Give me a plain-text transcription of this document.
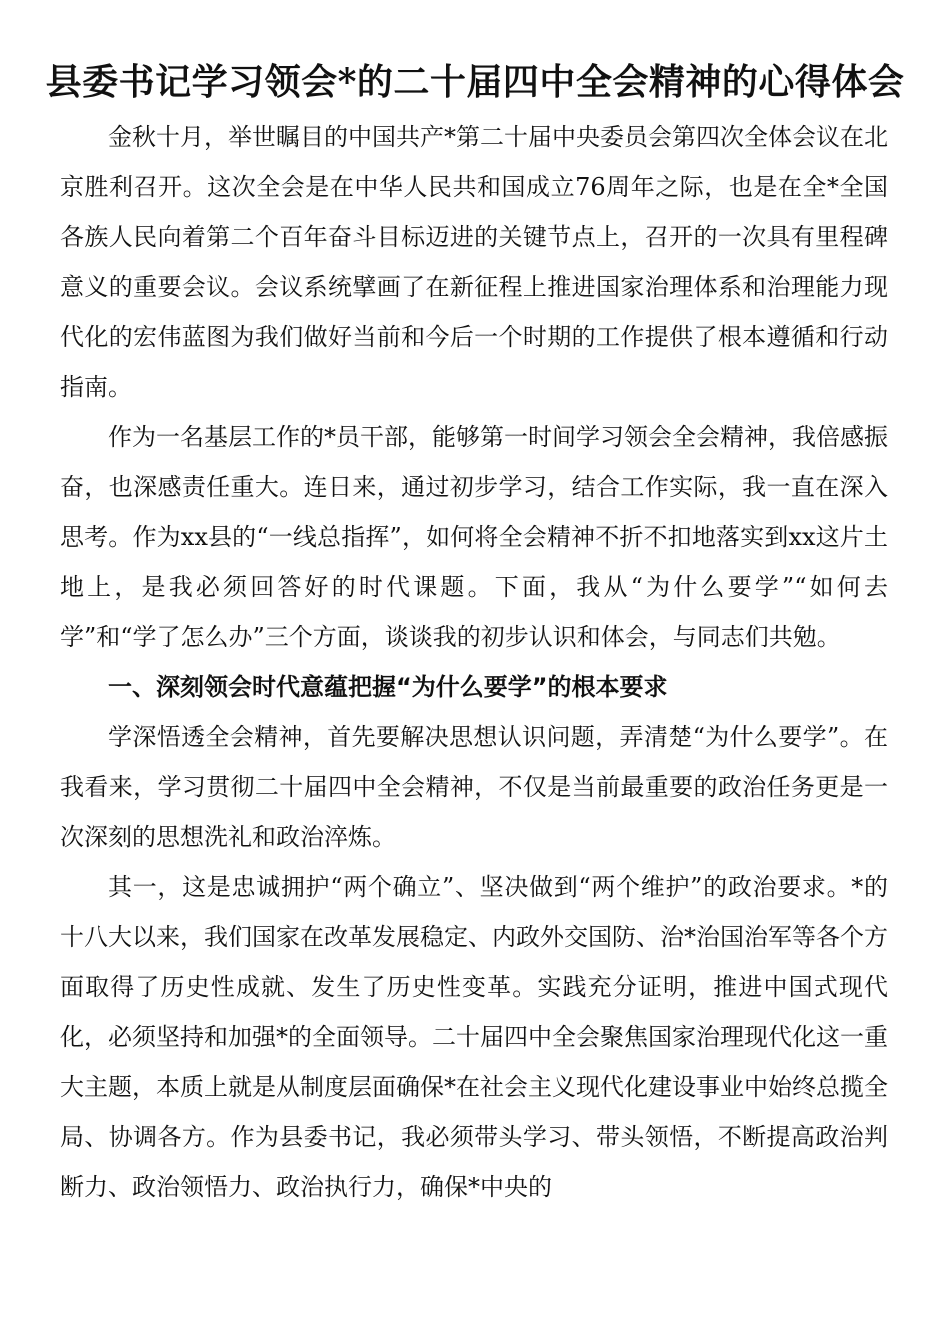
县委书记学习领会*的二十届四中全会精神的心得体会

金秋十月，举世瞩目的中国共产*第二十届中央委员会第四次全体会议在北京胜利召开。这次全会是在中华人民共和国成立76周年之际，也是在全*全国各族人民向着第二个百年奋斗目标迈进的关键节点上，召开的一次具有里程碑意义的重要会议。会议系统擘画了在新征程上推进国家治理体系和治理能力现代化的宏伟蓝图为我们做好当前和今后一个时期的工作提供了根本遵循和行动指南。

作为一名基层工作的*员干部，能够第一时间学习领会全会精神，我倍感振奋，也深感责任重大。连日来，通过初步学习，结合工作实际，我一直在深入思考。作为xx县的“一线总指挥”，如何将全会精神不折不扣地落实到xx这片土地上，是我必须回答好的时代课题。下面，我从“为什么要学”“如何去学”和“学了怎么办”三个方面，谈谈我的初步认识和体会，与同志们共勉。

一、深刻领会时代意蕴把握“为什么要学”的根本要求

学深悟透全会精神，首先要解决思想认识问题，弄清楚“为什么要学”。在我看来，学习贯彻二十届四中全会精神，不仅是当前最重要的政治任务更是一次深刻的思想洗礼和政治淬炼。

其一，这是忠诚拥护“两个确立”、坚决做到“两个维护”的政治要求。*的十八大以来，我们国家在改革发展稳定、内政外交国防、治*治国治军等各个方面取得了历史性成就、发生了历史性变革。实践充分证明，推进中国式现代化，必须坚持和加强*的全面领导。二十届四中全会聚焦国家治理现代化这一重大主题，本质上就是从制度层面确保*在社会主义现代化建设事业中始终总揽全局、协调各方。作为县委书记，我必须带头学习、带头领悟，不断提高政治判断力、政治领悟力、政治执行力，确保*中央的
